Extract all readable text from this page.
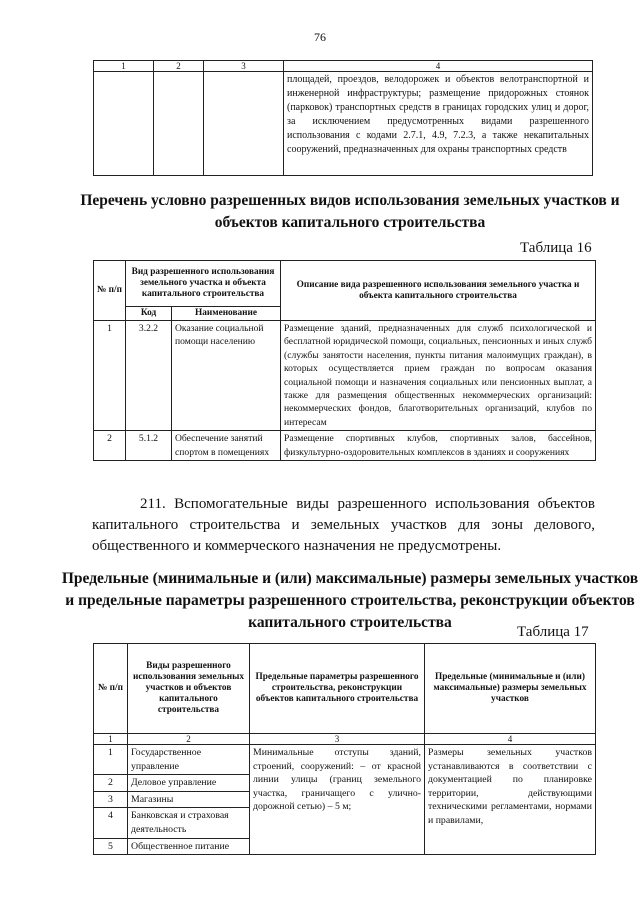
76
1	2	3	4
			площадей, проездов, велодорожек и объектов велотранспортной и инженерной инфраструктуры; размещение придорожных стоянок (парковок) транспортных средств в границах городских улиц и дорог, за исключением предусмотренных видами разрешенного использования с кодами 2.7.1, 4.9, 7.2.3, а также некапитальных сооружений, предназначенных для охраны транспортных средств
Перечень условно разрешенных видов использования земельных участков и объектов капитального строительства
Таблица 16
№ п/п	Вид разрешенного использования земельного участка и объекта капитального строительства		Описание вида разрешенного использования земельного участка и объекта капитального строительства
	Код	Наименование	
1	3.2.2	Оказание социальной помощи населению	Размещение зданий, предназначенных для служб психологической и бесплатной юридической помощи, социальных, пенсионных и иных служб (службы занятости населения, пункты питания малоимущих граждан), в которых осуществляется прием граждан по вопросам оказания социальной помощи и назначения социальных или пенсионных выплат, а также для размещения общественных некоммерческих организаций: некоммерческих фондов, благотворительных организаций, клубов по интересам
2	5.1.2	Обеспечение занятий спортом в помещениях	Размещение спортивных клубов, спортивных залов, бассейнов, физкультурно-оздоровительных комплексов в зданиях и сооружениях
211. Вспомогательные виды разрешенного использования объектов капитального строительства и земельных участков для зоны делового, общественного и коммерческого назначения не предусмотрены.
Предельные (минимальные и (или) максимальные) размеры земельных участков и предельные параметры разрешенного строительства, реконструкции объектов капитального строительства
Таблица 17
№ п/п	Виды разрешенного использования земельных участков и объектов капитального строительства	Предельные параметры разрешенного строительства, реконструкции объектов капитального строительства	Предельные (минимальные и (или) максимальные) размеры земельных участков
1	2	3	4
1	Государственное управление	Минимальные отступы зданий, строений, сооружений: – от красной линии улицы (границ земельного участка, граничащего с улично-дорожной сетью) – 5 м;	Размеры земельных участков устанавливаются в соответствии с документацией по планировке территории, действующими техническими регламентами, нормами и правилами,
2	Деловое управление		
3	Магазины		
4	Банковская и страховая деятельность		
5	Общественное питание		
